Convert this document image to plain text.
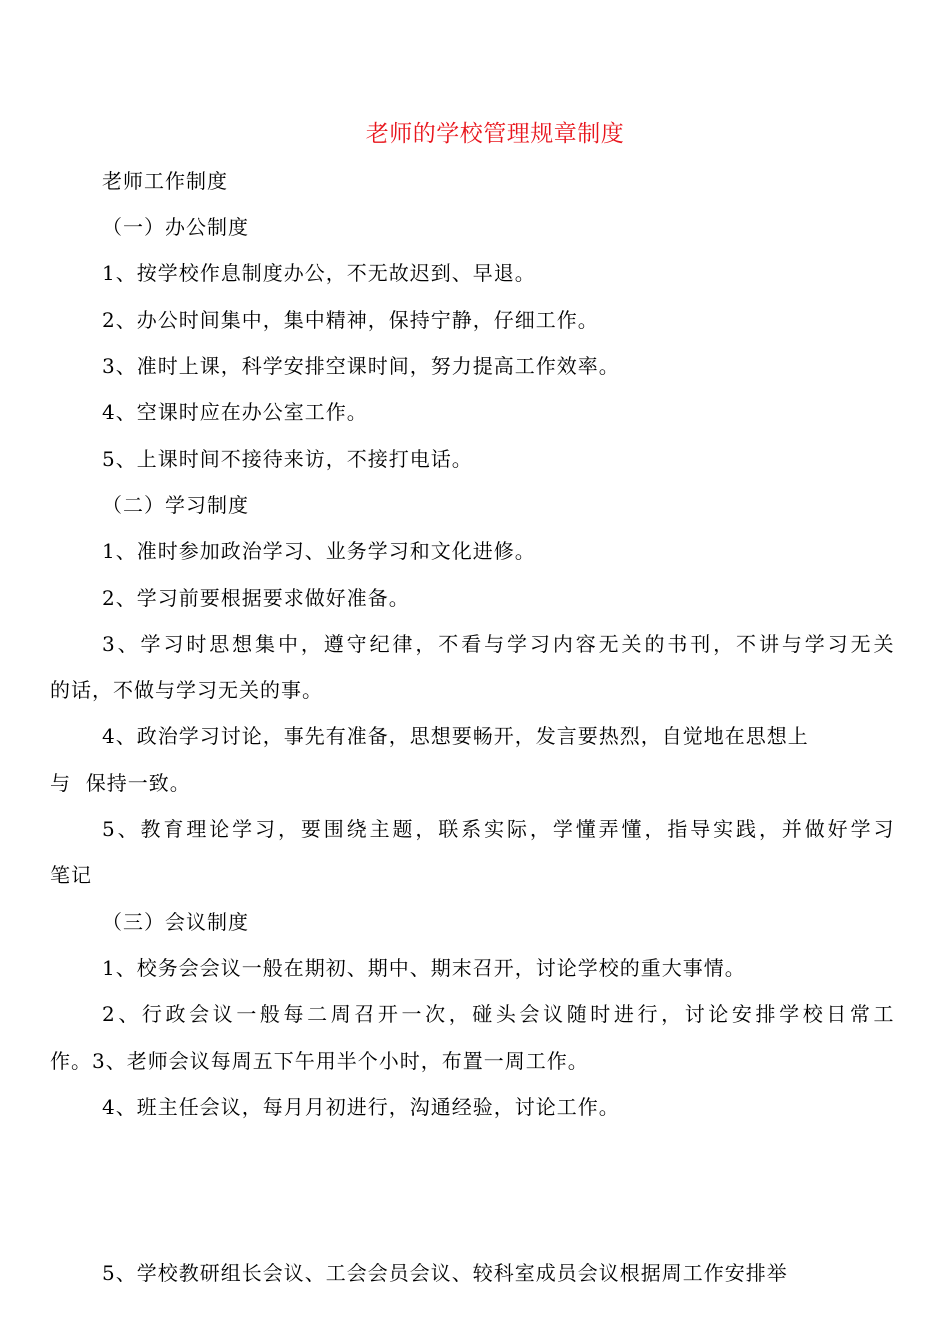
老师的学校管理规章制度
老师工作制度
（一）办公制度
1、按学校作息制度办公，不无故迟到、早退。
2、办公时间集中，集中精神，保持宁静，仔细工作。
3、准时上课，科学安排空课时间，努力提高工作效率。
4、空课时应在办公室工作。
5、上课时间不接待来访，不接打电话。
（二）学习制度
1、准时参加政治学习、业务学习和文化进修。
2、学习前要根据要求做好准备。
3、学习时思想集中，遵守纪律，不看与学习内容无关的书刊，不讲与学习无关
的话，不做与学习无关的事。
4、政治学习讨论，事先有准备，思想要畅开，发言要热烈，自觉地在思想上
与  保持一致。
5、教育理论学习，要围绕主题，联系实际，学懂弄懂，指导实践，并做好学习
笔记
（三）会议制度
1、校务会会议一般在期初、期中、期末召开，讨论学校的重大事情。
2、行政会议一般每二周召开一次，碰头会议随时进行，讨论安排学校日常工
作。3、老师会议每周五下午用半个小时，布置一周工作。
4、班主任会议，每月月初进行，沟通经验，讨论工作。
5、学校教研组长会议、工会会员会议、较科室成员会议根据周工作安排举
